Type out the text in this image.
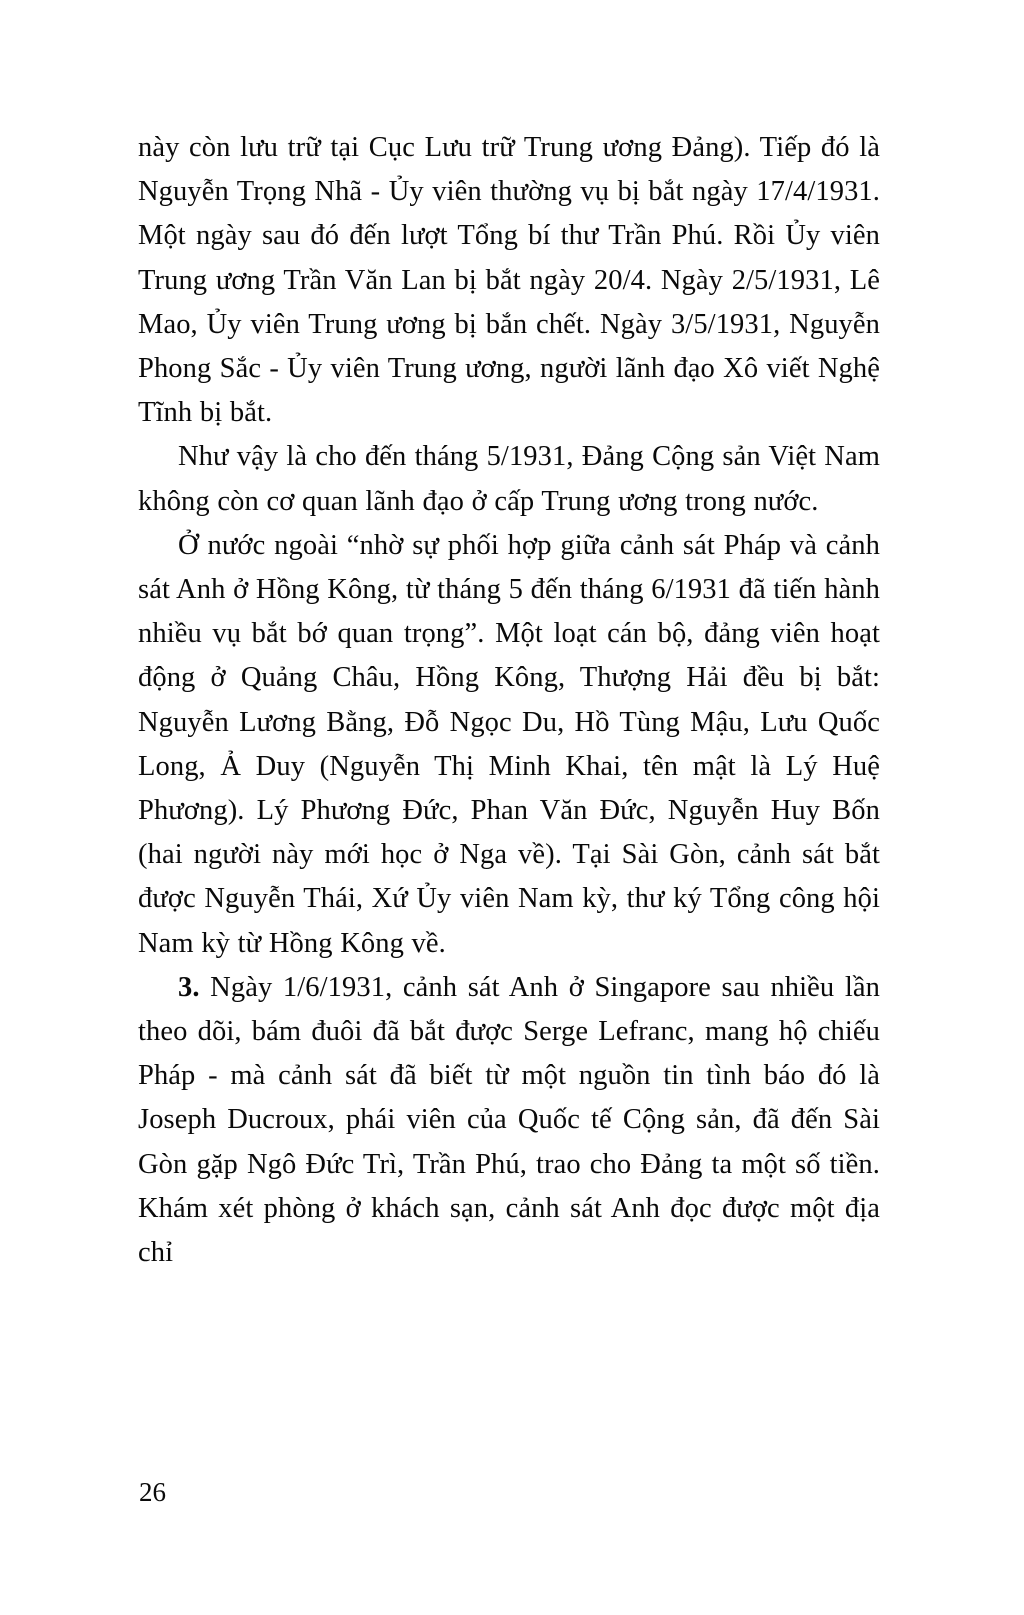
này còn lưu trữ tại Cục Lưu trữ Trung ương Đảng). Tiếp đó là Nguyễn Trọng Nhã - Ủy viên thường vụ bị bắt ngày 17/4/1931. Một ngày sau đó đến lượt Tổng bí thư Trần Phú. Rồi Ủy viên Trung ương Trần Văn Lan bị bắt ngày 20/4. Ngày 2/5/1931, Lê Mao, Ủy viên Trung ương bị bắn chết. Ngày 3/5/1931, Nguyễn Phong Sắc - Ủy viên Trung ương, người lãnh đạo Xô viết Nghệ Tĩnh bị bắt.

Như vậy là cho đến tháng 5/1931, Đảng Cộng sản Việt Nam không còn cơ quan lãnh đạo ở cấp Trung ương trong nước.

Ở nước ngoài “nhờ sự phối hợp giữa cảnh sát Pháp và cảnh sát Anh ở Hồng Kông, từ tháng 5 đến tháng 6/1931 đã tiến hành nhiều vụ bắt bớ quan trọng”. Một loạt cán bộ, đảng viên hoạt động ở Quảng Châu, Hồng Kông, Thượng Hải đều bị bắt: Nguyễn Lương Bằng, Đỗ Ngọc Du, Hồ Tùng Mậu, Lưu Quốc Long, Ả Duy (Nguyễn Thị Minh Khai, tên mật là Lý Huệ Phương). Lý Phương Đức, Phan Văn Đức, Nguyễn Huy Bốn (hai người này mới học ở Nga về). Tại Sài Gòn, cảnh sát bắt được Nguyễn Thái, Xứ Ủy viên Nam kỳ, thư ký Tổng công hội Nam kỳ từ Hồng Kông về.

3. Ngày 1/6/1931, cảnh sát Anh ở Singapore sau nhiều lần theo dõi, bám đuôi đã bắt được Serge Lefranc, mang hộ chiếu Pháp - mà cảnh sát đã biết từ một nguồn tin tình báo đó là Joseph Ducroux, phái viên của Quốc tế Cộng sản, đã đến Sài Gòn gặp Ngô Đức Trì, Trần Phú, trao cho Đảng ta một số tiền. Khám xét phòng ở khách sạn, cảnh sát Anh đọc được một địa chỉ

26
